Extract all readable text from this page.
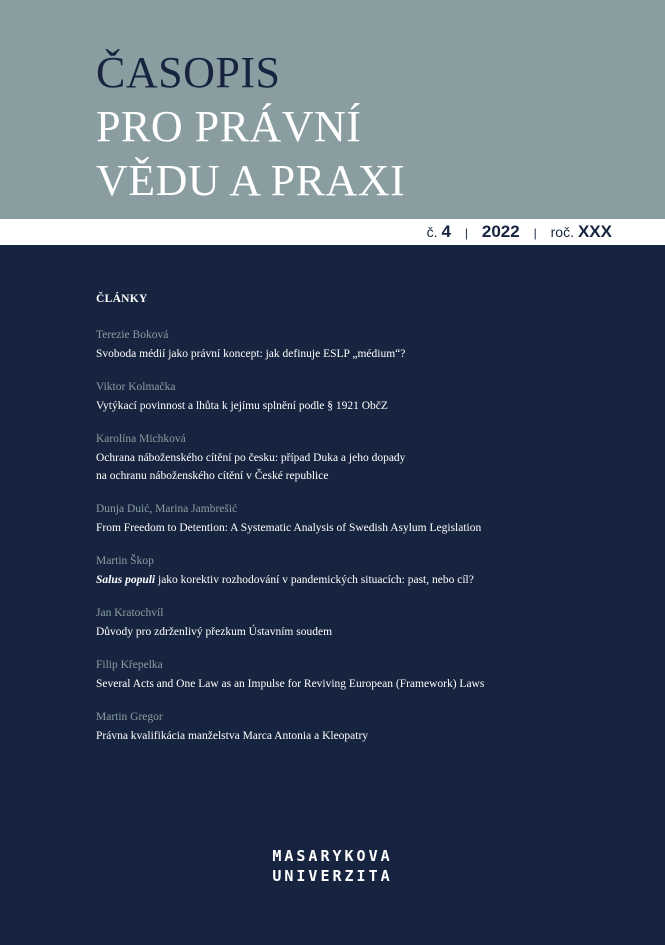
ČASOPIS
PRO PRÁVNÍ
VĚDU A PRAXI
č. 4 | 2022 | roč. XXX
ČLÁNKY
Terezie Boková
Svoboda médií jako právní koncept: jak definuje ESLP „médium“?
Viktor Kolmačka
Vytýkací povinnost a lhůta k jejímu splnění podle § 1921 ObčZ
Karolína Michková
Ochrana náboženského cítění po česku: případ Duka a jeho dopady
na ochranu náboženského cítění v České republice
Dunja Duić, Marina Jambrešić
From Freedom to Detention: A Systematic Analysis of Swedish Asylum Legislation
Martin Škop
Salus populi jako korektiv rozhodování v pandemických situacích: past, nebo cíl?
Jan Kratochvíl
Důvody pro zdrženlivý přezkum Ústavním soudem
Filip Křepelka
Several Acts and One Law as an Impulse for Reviving European (Framework) Laws
Martin Gregor
Právna kvalifikácia manželstva Marca Antonia a Kleopatry
MASARYKOVA
UNIVERZITA
